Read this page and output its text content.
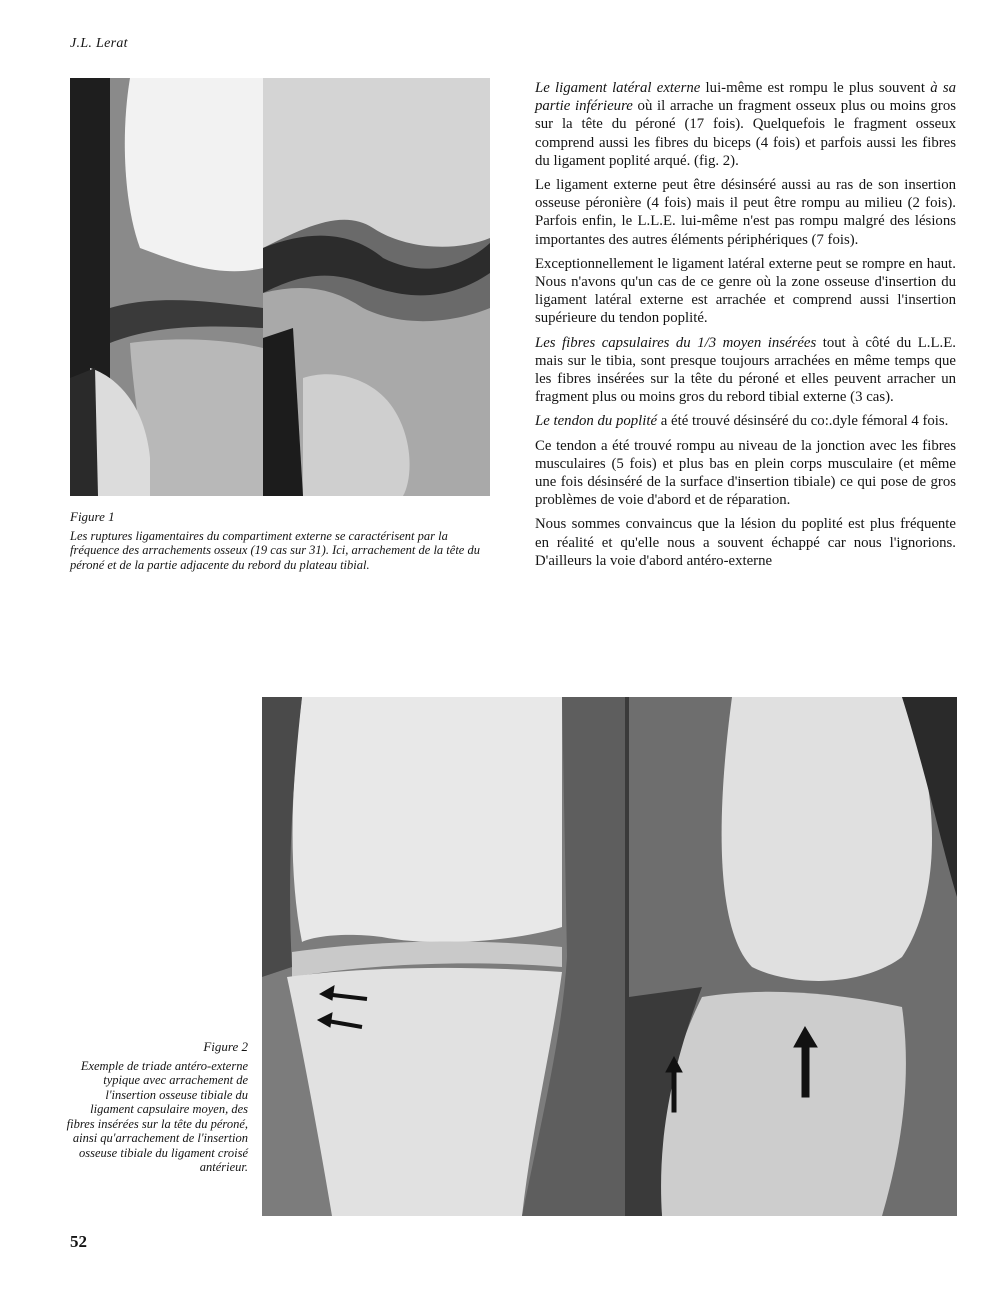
J.L. Lerat
Figure 1
Les ruptures ligamentaires du compartiment externe se caractérisent par la fréquence des arrachements osseux (19 cas sur 31). Ici, arrachement de la tête du péroné et de la partie adjacente du rebord du plateau tibial.

Le ligament latéral externe lui-même est rompu le plus souvent à sa partie inférieure où il arrache un fragment osseux plus ou moins gros sur la tête du péroné (17 fois). Quelquefois le fragment osseux comprend aussi les fibres du biceps (4 fois) et parfois aussi les fibres du ligament poplité arqué. (fig. 2).

Le ligament externe peut être désinséré aussi au ras de son insertion osseuse péronière (4 fois) mais il peut être rompu au milieu (2 fois). Parfois enfin, le L.L.E. lui-même n'est pas rompu malgré des lésions importantes des autres éléments périphériques (7 fois).

Exceptionnellement le ligament latéral externe peut se rompre en haut. Nous n'avons qu'un cas de ce genre où la zone osseuse d'insertion du ligament latéral externe est arrachée et comprend aussi l'insertion supérieure du tendon poplité.

Les fibres capsulaires du 1/3 moyen insérées tout à côté du L.L.E. mais sur le tibia, sont presque toujours arrachées en même temps que les fibres insérées sur la tête du péroné et elles peuvent arracher un fragment plus ou moins gros du rebord tibial externe (3 cas).

Le tendon du poplité a été trouvé désinséré du co:.dyle fémoral 4 fois.

Ce tendon a été trouvé rompu au niveau de la jonction avec les fibres musculaires (5 fois) et plus bas en plein corps musculaire (et même une fois désinséré de la surface d'insertion tibiale) ce qui pose de gros problèmes de voie d'abord et de réparation.

Nous sommes convaincus que la lésion du poplité est plus fréquente en réalité et qu'elle nous a souvent échappé car nous l'ignorions. D'ailleurs la voie d'abord antéro-externe

Figure 2
Exemple de triade antéro-externe typique avec arrachement de l'insertion osseuse tibiale du ligament capsulaire moyen, des fibres insérées sur la tête du péroné, ainsi qu'arrachement de l'insertion osseuse tibiale du ligament croisé antérieur.
52
